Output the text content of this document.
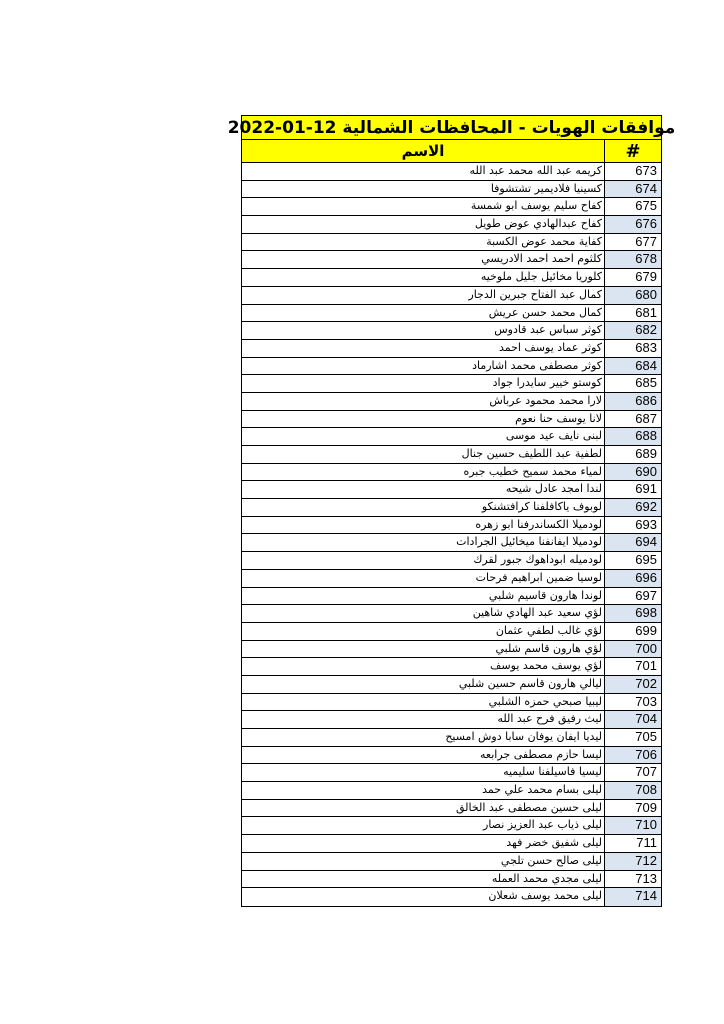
موافقات الهويات - المحافظات الشمالية 12-01-2022
الاسم	#
كريمه عبد الله محمد عبد الله	673
كسينيا فلاديمير تشتشوفا	674
كفاح سليم يوسف ابو شمسة	675
كفاح عبدالهادي عوض طويل	676
كفاية محمد عوض الكسبة	677
كلثوم احمد احمد الادريسي	678
كلوريا مخائيل جليل ملوخيه	679
كمال عبد الفتاح جبرين الدجار	680
كمال محمد حسن عريش	681
كوثر سباس عبد قادوس	682
كوثر عماد يوسف احمد	683
كوثر مصطفى محمد اشارماد	684
كوستو خيير سايدرا جواد	685
لارا محمد محمود عرباش	686
لانا يوسف حنا نعوم	687
لبنى نايف عيد موسى	688
لطفية عبد اللطيف حسين جنال	689
لمياء محمد سميح خطيب جبره	690
لندا امجد عادل شيحه	691
لوبوف ياكافلفنا كرافتشنكو	692
لودميلا الكساندرفنا ابو زهره	693
لودميلا ايفانفنا ميخائيل الجرادات	694
لودميله ابوداهوك جبور لقرك	695
لوسيا ضمين ابراهيم فرحات	696
لوندا هارون قاسيم شلبي	697
لؤي سعيد عبد الهادي شاهين	698
لؤي غالب لطفي عثمان	699
لؤي هارون قاسم شلبي	700
لؤي يوسف محمد يوسف	701
ليالي هارون قاسم حسين شلبي	702
ليبيا صبحي حمزه الشلبي	703
ليث رفيق فرح عبد الله	704
ليديا ايفان يوفان سابا دوش امسيح	705
ليسا حازم مصطفى جرابعه	706
ليسيا فاسيلفنا سليميه	707
ليلى بسام محمد علي حمد	708
ليلى حسين مصطفى عبد الخالق	709
ليلى ذياب عبد العزيز نصار	710
ليلى شفيق خضر فهد	711
ليلى صالح حسن تلجي	712
ليلى مجدي محمد العمله	713
ليلى محمد يوسف شعلان	714
